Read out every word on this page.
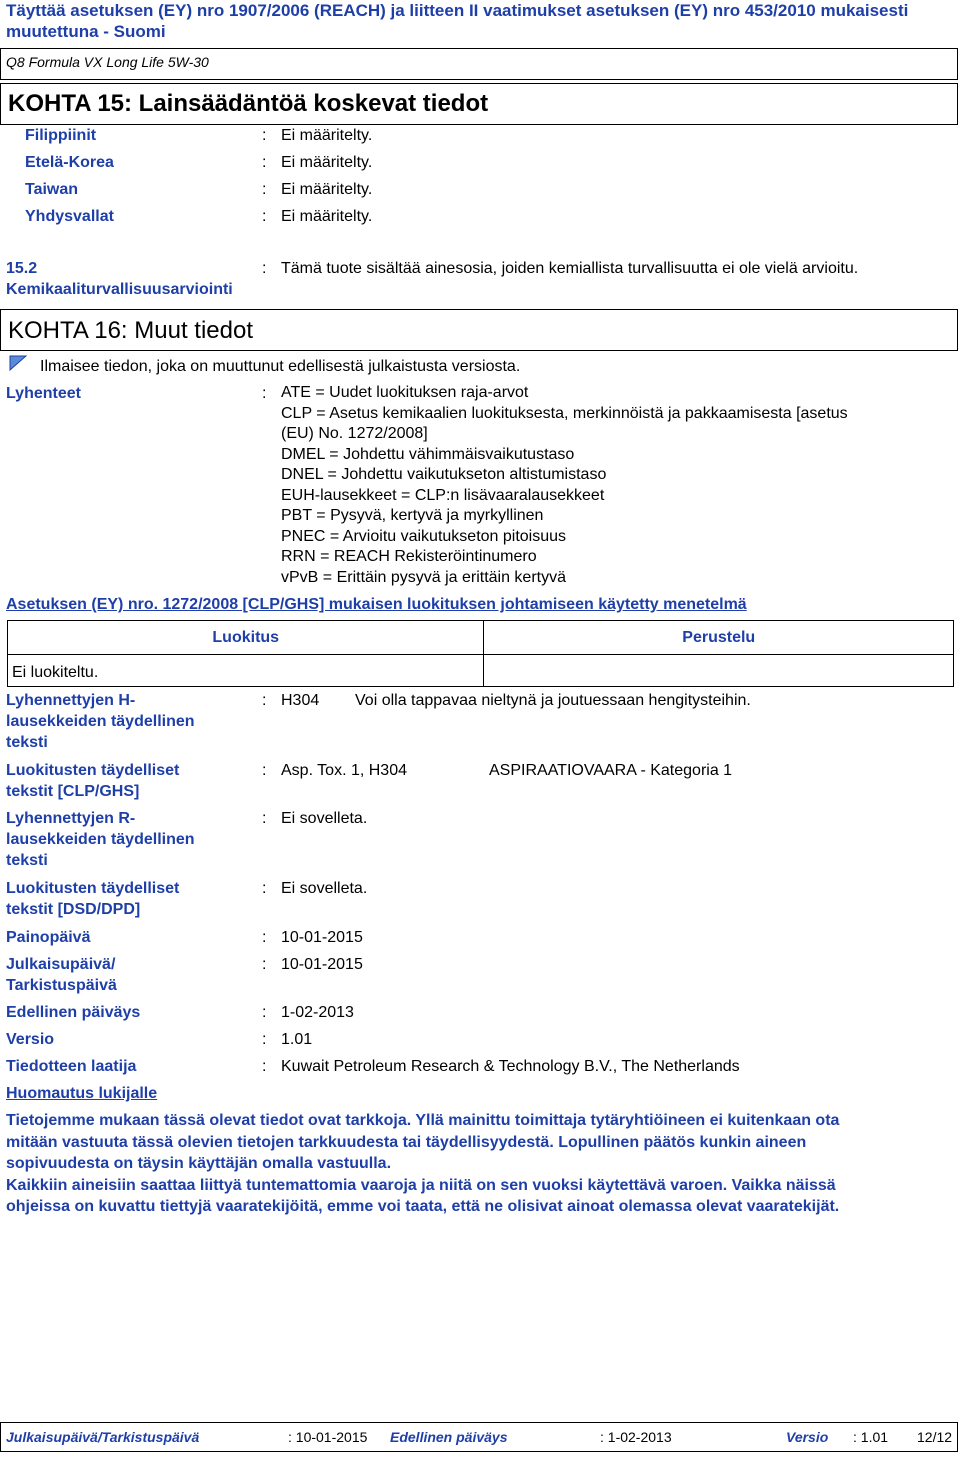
Täyttää asetuksen (EY) nro 1907/2006 (REACH) ja liitteen II vaatimukset asetuksen (EY) nro 453/2010 mukaisesti muutettuna - Suomi
Q8 Formula VX Long Life 5W-30
KOHTA 15: Lainsäädäntöä koskevat tiedot
Filippiinit	: Ei määritelty.
Etelä-Korea	: Ei määritelty.
Taiwan	: Ei määritelty.
Yhdysvallat	: Ei määritelty.
15.2
Kemikaaliturvallisuusarviointi
: Tämä tuote sisältää ainesosia, joiden kemiallista turvallisuutta ei ole vielä arvioitu.
KOHTA 16: Muut tiedot
Ilmaisee tiedon, joka on muuttunut edellisestä julkaistusta versiosta.
Lyhenteet	: ATE = Uudet luokituksen raja-arvot
CLP = Asetus kemikaalien luokituksesta, merkinnöistä ja pakkaamisesta [asetus
(EU) No. 1272/2008]
DMEL = Johdettu vähimmäisvaikutustaso
DNEL = Johdettu vaikutukseton altistumistaso
EUH-lausekkeet = CLP:n lisävaaralausekkeet
PBT = Pysyvä, kertyvä ja myrkyllinen
PNEC = Arvioitu vaikutukseton pitoisuus
RRN = REACH Rekisteröintinumero
vPvB = Erittäin pysyvä ja erittäin kertyvä
Asetuksen (EY) nro. 1272/2008 [CLP/GHS] mukaisen luokituksen johtamiseen käytetty menetelmä
Luokitus	Perustelu
Ei luokiteltu.	
Lyhennettyjen H-
lausekkeiden täydellinen
teksti
: H304 Voi olla tappavaa nieltynä ja joutuessaan hengitysteihin.
Luokitusten täydelliset
tekstit [CLP/GHS]
: Asp. Tox. 1, H304	ASPIRAATIOVAARA - Kategoria 1
Lyhennettyjen R-
lausekkeiden täydellinen
teksti
: Ei sovelleta.
Luokitusten täydelliset
tekstit [DSD/DPD]
: Ei sovelleta.
Painopäivä	: 10-01-2015
Julkaisupäivä/
Tarkistuspäivä
: 10-01-2015
Edellinen päiväys	: 1-02-2013
Versio	: 1.01
Tiedotteen laatija	: Kuwait Petroleum Research & Technology B.V., The Netherlands
Huomautus lukijalle
Tietojemme mukaan tässä olevat tiedot ovat tarkkoja. Yllä mainittu toimittaja tytäryhtiöineen ei kuitenkaan ota
mitään vastuuta tässä olevien tietojen tarkkuudesta tai täydellisyydestä. Lopullinen päätös kunkin aineen
sopivuudesta on täysin käyttäjän omalla vastuulla.
Kaikkiin aineisiin saattaa liittyä tuntemattomia vaaroja ja niitä on sen vuoksi käytettävä varoen. Vaikka näissä
ohjeissa on kuvattu tiettyjä vaaratekijöitä, emme voi taata, että ne olisivat ainoat olemassa olevat vaaratekijät.
Julkaisupäivä/Tarkistuspäivä	: 10-01-2015 Edellinen päiväys	: 1-02-2013	Versio : 1.01 12/12
